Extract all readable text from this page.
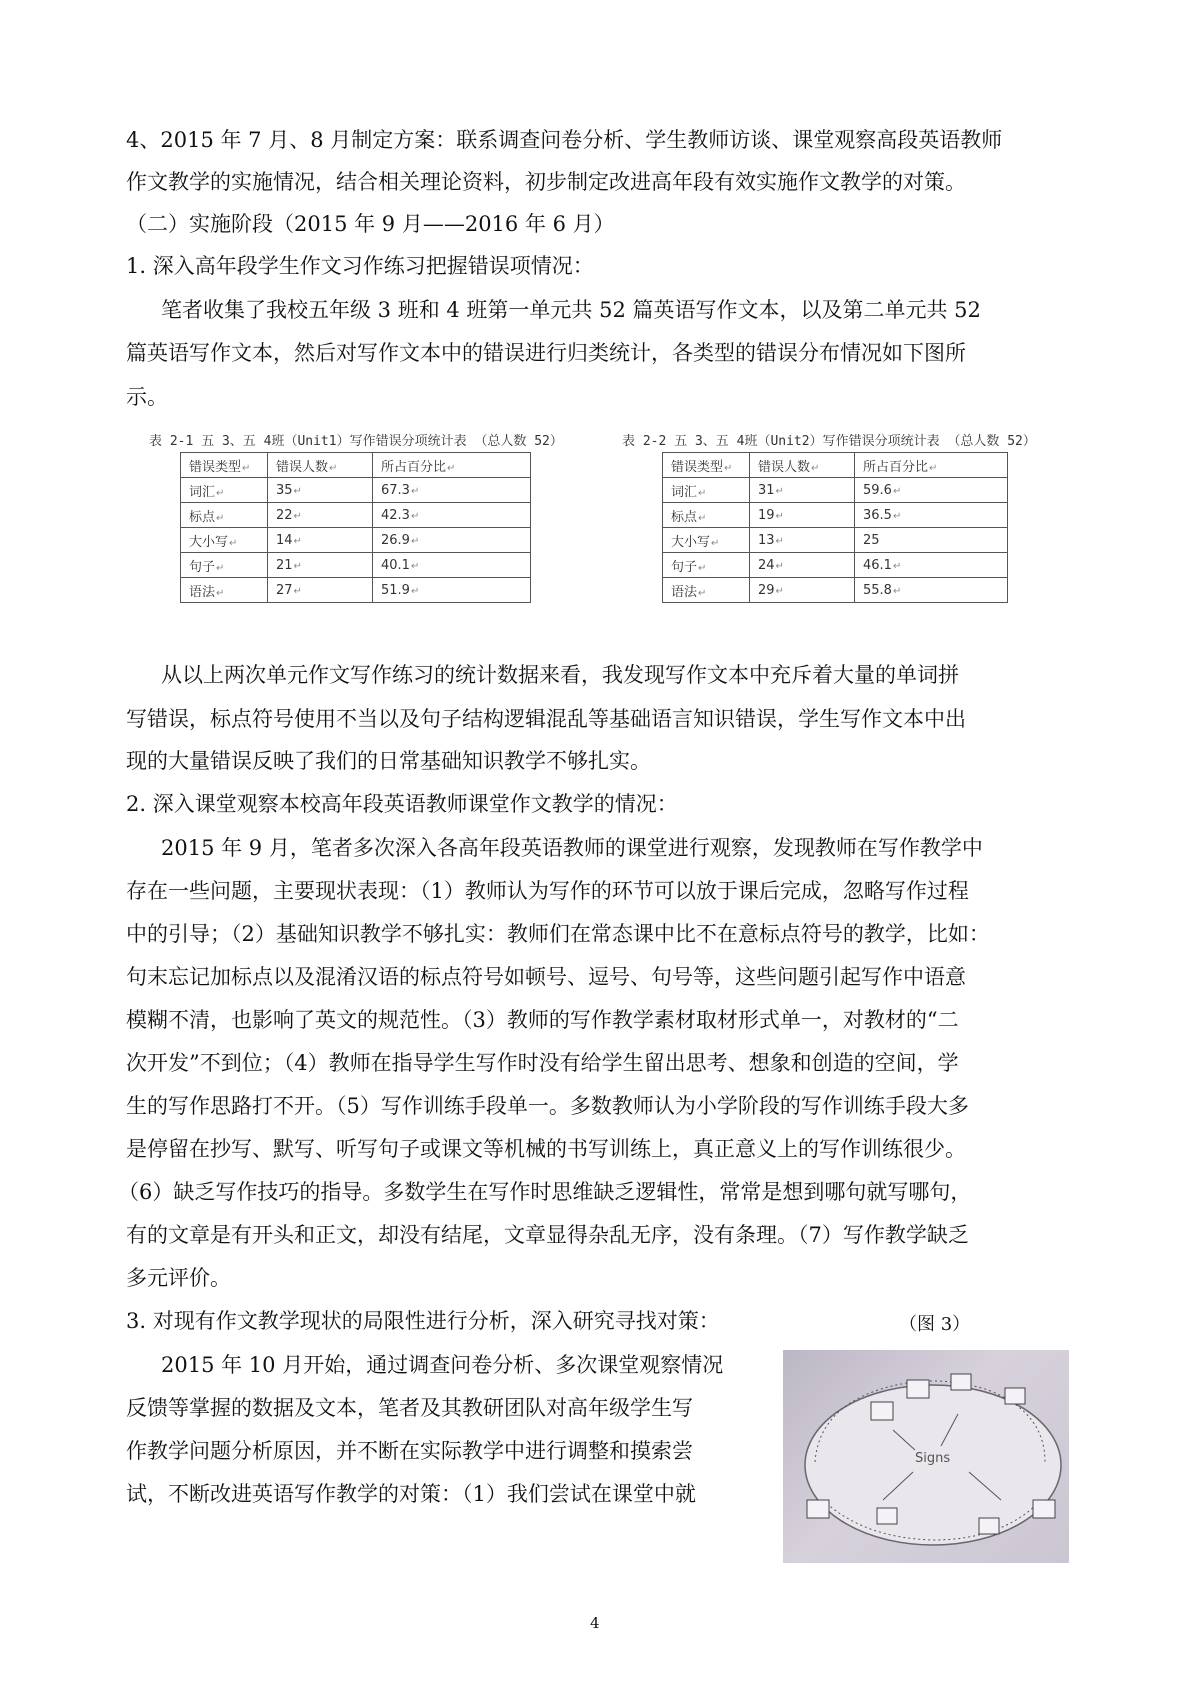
4、2015 年 7 月、8 月制定方案：联系调查问卷分析、学生教师访谈、课堂观察高段英语教师
作文教学的实施情况，结合相关理论资料，初步制定改进高年段有效实施作文教学的对策。
（二）实施阶段（2015 年 9 月——2016 年 6 月）
1. 深入高年段学生作文习作练习把握错误项情况：
笔者收集了我校五年级 3 班和 4 班第一单元共 52 篇英语写作文本，以及第二单元共 52
篇英语写作文本，然后对写作文本中的错误进行归类统计，各类型的错误分布情况如下图所
示。
表 2-1 五 3、五 4班（Unit1）写作错误分项统计表 （总人数 52）
错误类型↵	错误人数↵	所占百分比↵
词汇↵	35↵	67.3↵
标点↵	22↵	42.3↵
大小写↵	14↵	26.9↵
句子↵	21↵	40.1↵
语法↵	27↵	51.9↵
表 2-2 五 3、五 4班（Unit2）写作错误分项统计表 （总人数 52）
错误类型↵	错误人数↵	所占百分比↵
词汇↵	31↵	59.6↵
标点↵	19↵	36.5↵
大小写↵	13↵	25
句子↵	24↵	46.1↵
语法↵	29↵	55.8↵
从以上两次单元作文写作练习的统计数据来看，我发现写作文本中充斥着大量的单词拼
写错误，标点符号使用不当以及句子结构逻辑混乱等基础语言知识错误，学生写作文本中出
现的大量错误反映了我们的日常基础知识教学不够扎实。
2. 深入课堂观察本校高年段英语教师课堂作文教学的情况：
2015 年 9 月，笔者多次深入各高年段英语教师的课堂进行观察，发现教师在写作教学中
存在一些问题，主要现状表现：（1）教师认为写作的环节可以放于课后完成，忽略写作过程
中的引导；（2）基础知识教学不够扎实：教师们在常态课中比不在意标点符号的教学，比如：
句末忘记加标点以及混淆汉语的标点符号如顿号、逗号、句号等，这些问题引起写作中语意
模糊不清，也影响了英文的规范性。（3）教师的写作教学素材取材形式单一，对教材的“二
次开发”不到位；（4）教师在指导学生写作时没有给学生留出思考、想象和创造的空间，学
生的写作思路打不开。（5）写作训练手段单一。多数教师认为小学阶段的写作训练手段大多
是停留在抄写、默写、听写句子或课文等机械的书写训练上，真正意义上的写作训练很少。
（6）缺乏写作技巧的指导。多数学生在写作时思维缺乏逻辑性，常常是想到哪句就写哪句，
有的文章是有开头和正文，却没有结尾，文章显得杂乱无序，没有条理。（7）写作教学缺乏
多元评价。
3. 对现有作文教学现状的局限性进行分析，深入研究寻找对策：	（图 3）
2015 年 10 月开始，通过调查问卷分析、多次课堂观察情况
反馈等掌握的数据及文本，笔者及其教研团队对高年级学生写
作教学问题分析原因，并不断在实际教学中进行调整和摸索尝
试，不断改进英语写作教学的对策：（1）我们尝试在课堂中就
Signs
4
